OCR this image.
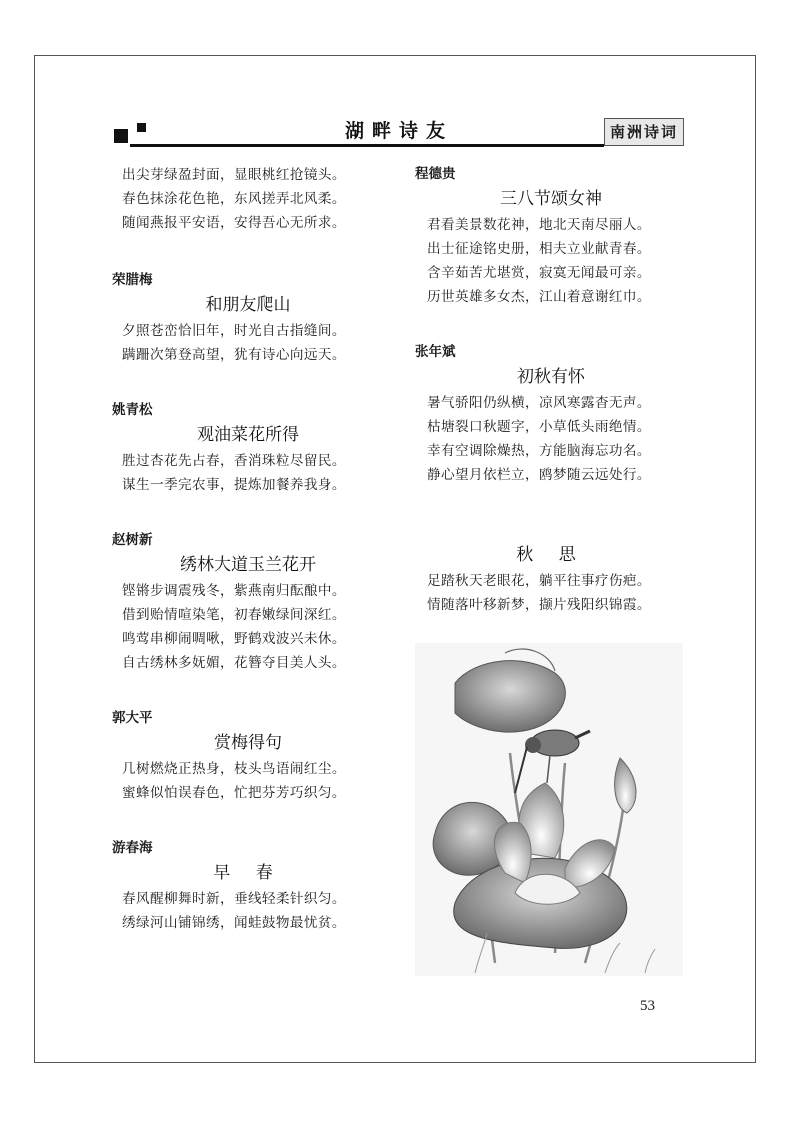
湖畔诗友	南洲诗词
出尖芽绿盈封面，显眼桃红抢镜头。
春色抹涂花色艳，东风搓弄北风柔。
随闻燕报平安语，安得吾心无所求。
荣腊梅
和朋友爬山
夕照苍峦恰旧年，时光自古指缝间。
蹒跚次第登高望，犹有诗心向远天。
姚青松
观油菜花所得
胜过杏花先占春，香消珠粒尽留民。
谋生一季完农事，提炼加餐养我身。
赵树新
绣林大道玉兰花开
铿锵步调震残冬，紫燕南归酝酿中。
借到贻情喧染笔，初春嫩绿间深红。
鸣莺串柳闹啁啾，野鹤戏波兴未休。
自古绣林多妩媚，花簪夺目美人头。
郭大平
赏梅得句
几树燃烧正热身，枝头鸟语闹红尘。
蜜蜂似怕误春色，忙把芬芳巧织匀。
游春海
早 春
春风醒柳舞时新，垂线轻柔针织匀。
绣绿河山铺锦绣，闻蛙鼓物最忧贫。
程德贵
三八节颂女神
君看美景数花神，地北天南尽丽人。
出士征途铭史册，相夫立业献青春。
含辛茹苦尤堪赏，寂寞无闻最可亲。
历世英雄多女杰，江山着意谢红巾。
张年斌
初秋有怀
暑气骄阳仍纵横，凉风寒露杳无声。
枯塘裂口秋题字，小草低头雨绝情。
幸有空调除燥热，方能脑海忘功名。
静心望月依栏立，鸥梦随云远处行。
秋 思
足踏秋天老眼花，躺平往事疗伤疤。
情随落叶移新梦，撷片残阳织锦霞。
53
